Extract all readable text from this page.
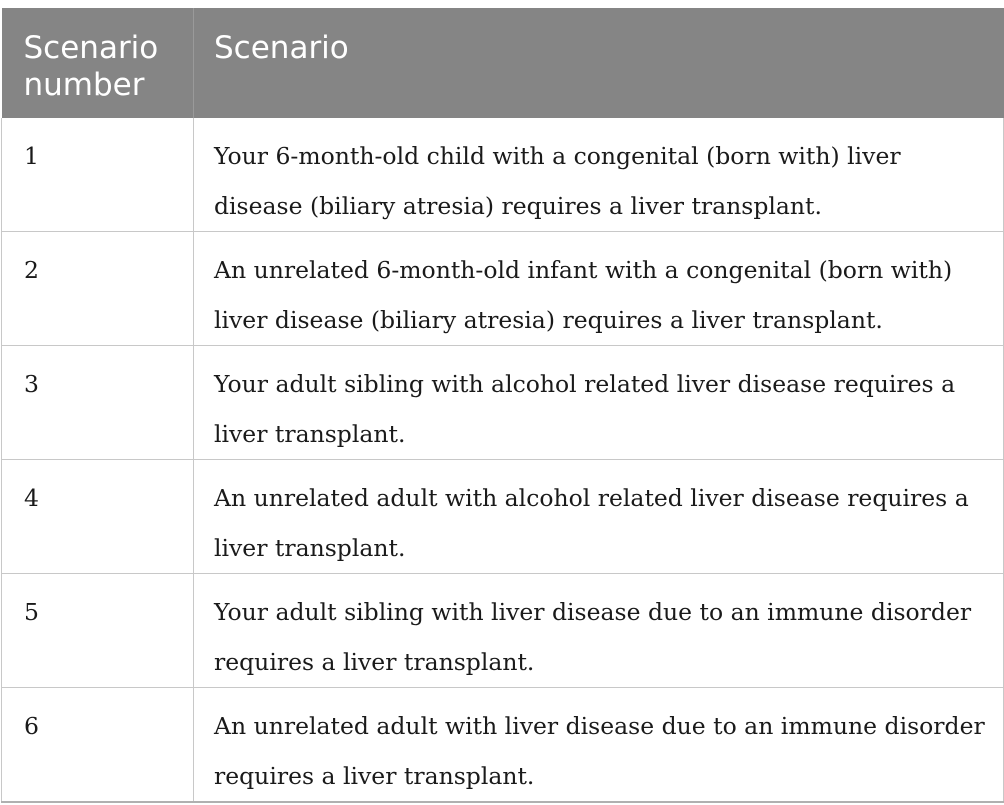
Scenario number	Scenario
1	Your 6-month-old child with a congenital (born with) liver disease (biliary atresia) requires a liver transplant.
2	An unrelated 6-month-old infant with a congenital (born with) liver disease (biliary atresia) requires a liver transplant.
3	Your adult sibling with alcohol related liver disease requires a liver transplant.
4	An unrelated adult with alcohol related liver disease requires a liver transplant.
5	Your adult sibling with liver disease due to an immune disorder requires a liver transplant.
6	An unrelated adult with liver disease due to an immune disorder requires a liver transplant.
